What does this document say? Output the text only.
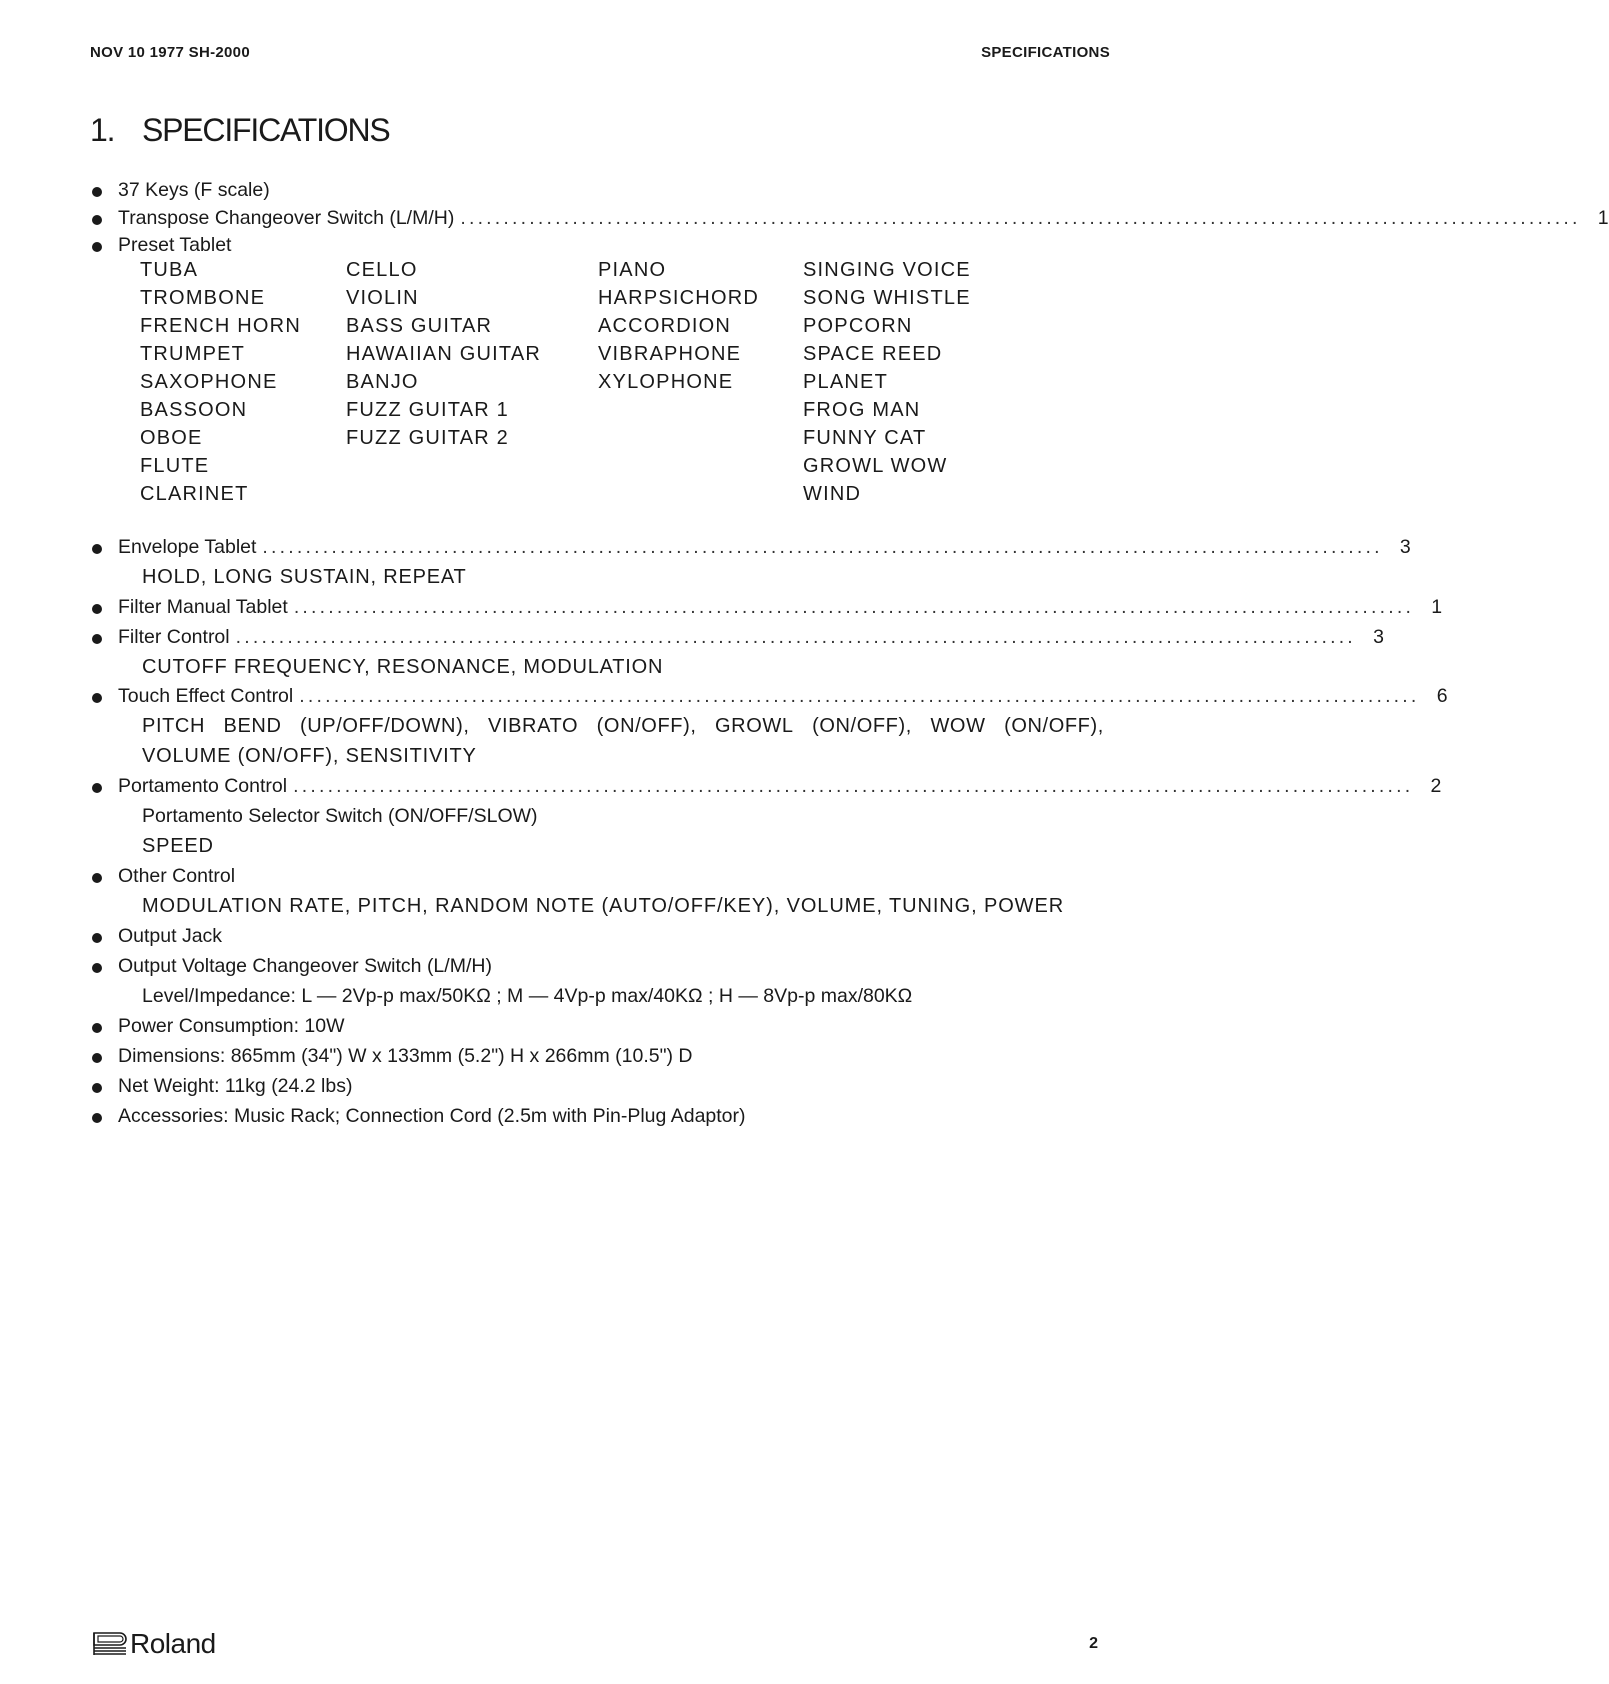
NOV 10 1977 SH-2000	SPECIFICATIONS
1. SPECIFICATIONS
37 Keys (F scale)
Transpose Changeover Switch (L/M/H) .................................................................................................................................. 1
Preset Tablet
TUBA
TROMBONE
FRENCH HORN
TRUMPET
SAXOPHONE
BASSOON
OBOE
FLUTE
CLARINET
CELLO
VIOLIN
BASS GUITAR
HAWAIIAN GUITAR
BANJO
FUZZ GUITAR 1
FUZZ GUITAR 2
PIANO
HARPSICHORD
ACCORDION
VIBRAPHONE
XYLOPHONE
SINGING VOICE
SONG WHISTLE
POPCORN
SPACE REED
PLANET
FROG MAN
FUNNY CAT
GROWL WOW
WIND
Envelope Tablet .................................................................................................................................. 3
HOLD, LONG SUSTAIN, REPEAT
Filter Manual Tablet .................................................................................................................................. 1
Filter Control .................................................................................................................................. 3
CUTOFF FREQUENCY, RESONANCE, MODULATION
Touch Effect Control .................................................................................................................................. 6
PITCH BEND (UP/OFF/DOWN), VIBRATO (ON/OFF), GROWL (ON/OFF), WOW (ON/OFF),
VOLUME (ON/OFF), SENSITIVITY
Portamento Control .................................................................................................................................. 2
Portamento Selector Switch (ON/OFF/SLOW)
SPEED
Other Control
MODULATION RATE, PITCH, RANDOM NOTE (AUTO/OFF/KEY), VOLUME, TUNING, POWER
Output Jack
Output Voltage Changeover Switch (L/M/H)
Level/Impedance: L — 2Vp-p max/50KΩ ; M — 4Vp-p max/40KΩ ; H — 8Vp-p max/80KΩ
Power Consumption: 10W
Dimensions: 865mm (34") W x 133mm (5.2") H x 266mm (10.5") D
Net Weight: 11kg (24.2 lbs)
Accessories: Music Rack; Connection Cord (2.5m with Pin-Plug Adaptor)
Roland	2
